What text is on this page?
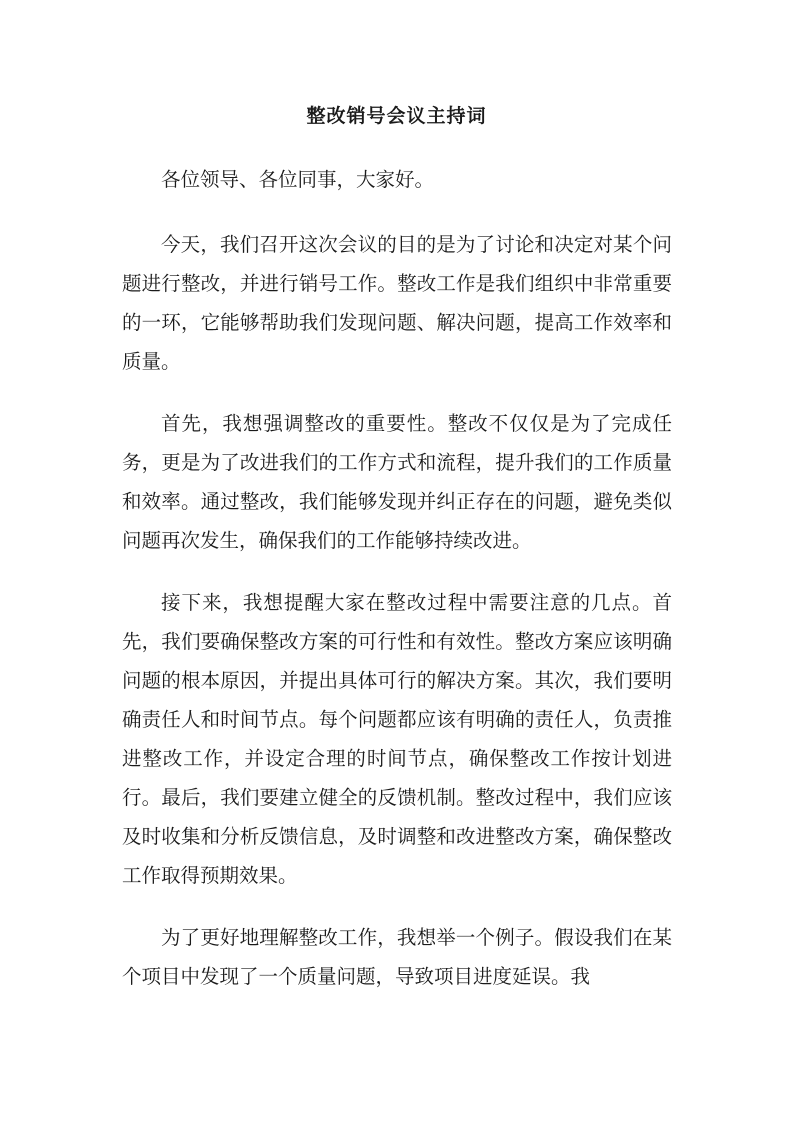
整改销号会议主持词

各位领导、各位同事，大家好。

今天，我们召开这次会议的目的是为了讨论和决定对某个问题进行整改，并进行销号工作。整改工作是我们组织中非常重要的一环，它能够帮助我们发现问题、解决问题，提高工作效率和质量。

首先，我想强调整改的重要性。整改不仅仅是为了完成任务，更是为了改进我们的工作方式和流程，提升我们的工作质量和效率。通过整改，我们能够发现并纠正存在的问题，避免类似问题再次发生，确保我们的工作能够持续改进。

接下来，我想提醒大家在整改过程中需要注意的几点。首先，我们要确保整改方案的可行性和有效性。整改方案应该明确问题的根本原因，并提出具体可行的解决方案。其次，我们要明确责任人和时间节点。每个问题都应该有明确的责任人，负责推进整改工作，并设定合理的时间节点，确保整改工作按计划进行。最后，我们要建立健全的反馈机制。整改过程中，我们应该及时收集和分析反馈信息，及时调整和改进整改方案，确保整改工作取得预期效果。

为了更好地理解整改工作，我想举一个例子。假设我们在某个项目中发现了一个质量问题，导致项目进度延误。我
